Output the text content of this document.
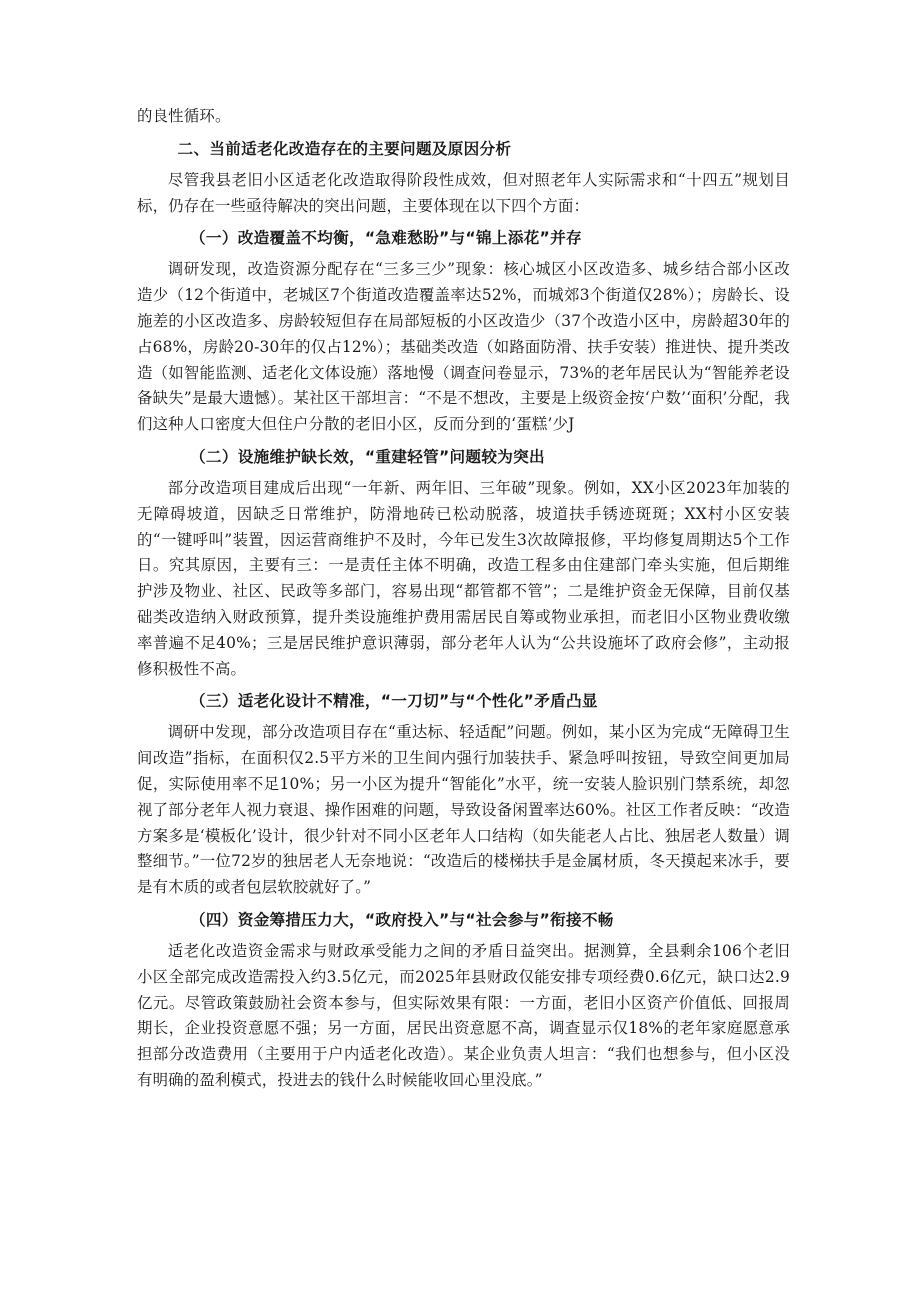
的良性循环。

二、当前适老化改造存在的主要问题及原因分析

尽管我县老旧小区适老化改造取得阶段性成效，但对照老年人实际需求和“十四五”规划目标，仍存在一些亟待解决的突出问题，主要体现在以下四个方面：

（一）改造覆盖不均衡，“急难愁盼”与“锦上添花”并存

调研发现，改造资源分配存在“三多三少”现象：核心城区小区改造多、城乡结合部小区改造少（12个街道中，老城区7个街道改造覆盖率达52%，而城郊3个街道仅28%）；房龄长、设施差的小区改造多、房龄较短但存在局部短板的小区改造少（37个改造小区中，房龄超30年的占68%，房龄20-30年的仅占12%）；基础类改造（如路面防滑、扶手安装）推进快、提升类改造（如智能监测、适老化文体设施）落地慢（调查问卷显示，73%的老年居民认为“智能养老设备缺失”是最大遗憾）。某社区干部坦言：“不是不想改，主要是上级资金按‘户数’‘面积’分配，我们这种人口密度大但住户分散的老旧小区，反而分到的‘蛋糕’少J

（二）设施维护缺长效，“重建轻管”问题较为突出

部分改造项目建成后出现“一年新、两年旧、三年破”现象。例如，XX小区2023年加装的无障碍坡道，因缺乏日常维护，防滑地砖已松动脱落，坡道扶手锈迹斑斑；XX村小区安装的“一键呼叫”装置，因运营商维护不及时，今年已发生3次故障报修，平均修复周期达5个工作日。究其原因，主要有三：一是责任主体不明确，改造工程多由住建部门牵头实施，但后期维护涉及物业、社区、民政等多部门，容易出现“都管都不管”；二是维护资金无保障，目前仅基础类改造纳入财政预算，提升类设施维护费用需居民自筹或物业承担，而老旧小区物业费收缴率普遍不足40%；三是居民维护意识薄弱，部分老年人认为“公共设施坏了政府会修”，主动报修积极性不高。

（三）适老化设计不精准，“一刀切”与“个性化”矛盾凸显

调研中发现，部分改造项目存在“重达标、轻适配”问题。例如，某小区为完成“无障碍卫生间改造”指标，在面积仅2.5平方米的卫生间内强行加装扶手、紧急呼叫按钮，导致空间更加局促，实际使用率不足10%；另一小区为提升“智能化”水平，统一安装人脸识别门禁系统，却忽视了部分老年人视力衰退、操作困难的问题，导致设备闲置率达60%。社区工作者反映：“改造方案多是‘模板化’设计，很少针对不同小区老年人口结构（如失能老人占比、独居老人数量）调整细节。”一位72岁的独居老人无奈地说：“改造后的楼梯扶手是金属材质，冬天摸起来冰手，要是有木质的或者包层软胶就好了。”

（四）资金筹措压力大，“政府投入”与“社会参与”衔接不畅

适老化改造资金需求与财政承受能力之间的矛盾日益突出。据测算，全县剩余106个老旧小区全部完成改造需投入约3.5亿元，而2025年县财政仅能安排专项经费0.6亿元，缺口达2.9亿元。尽管政策鼓励社会资本参与，但实际效果有限：一方面，老旧小区资产价值低、回报周期长，企业投资意愿不强；另一方面，居民出资意愿不高，调查显示仅18%的老年家庭愿意承担部分改造费用（主要用于户内适老化改造）。某企业负责人坦言：“我们也想参与，但小区没有明确的盈利模式，投进去的钱什么时候能收回心里没底。”
